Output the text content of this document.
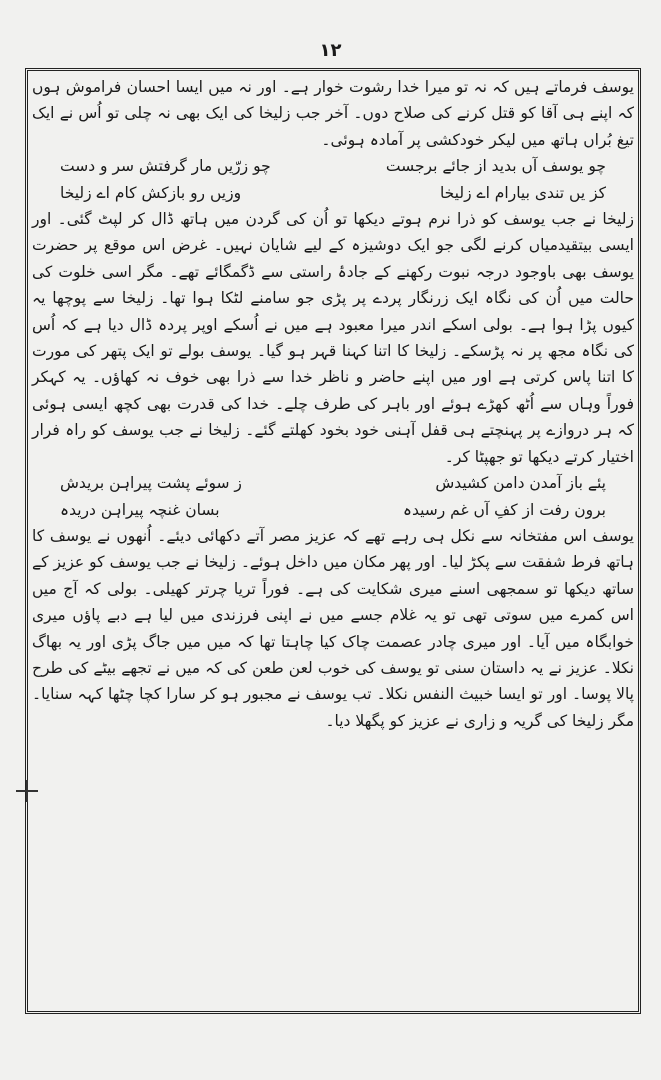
۱۲

یوسف فرماتے ہیں کہ نہ تو میرا خدا رشوت خوار ہے۔ اور نہ میں ایسا احسان فراموش ہوں کہ اپنے ہی آقا کو قتل کرنے کی صلاح دوں۔ آخر جب زلیخا کی ایک بھی نہ چلی تو اُس نے ایک تیغ بُراں ہاتھ میں لیکر خودکشی پر آمادہ ہوئی۔

چو یوسف آں بدید از جائے برجست
چو زرّیں مار گرفتش سر و دست
کز یں تندی بیارام اے زلیخا
وزیں رو بازکش کام اے زلیخا

زلیخا نے جب یوسف کو ذرا نرم ہوتے دیکھا تو اُن کی گردن میں ہاتھ ڈال کر لپٹ گئی۔ اور ایسی بیتقیدمیاں کرنے لگی جو ایک دوشیزہ کے لیے شایان نہیں۔ غرض اس موقع پر حضرت یوسف بھی باوجود درجہ نبوت رکھنے کے جادۂ راستی سے ڈگمگائے تھے۔ مگر اسی خلوت کی حالت میں اُن کی نگاہ ایک زرنگار پردے پر پڑی جو سامنے لٹکا ہوا تھا۔ زلیخا سے پوچھا یہ کیوں پڑا ہوا ہے۔ بولی اسکے اندر میرا معبود ہے میں نے اُسکے اوپر پردہ ڈال دیا ہے کہ اُس کی نگاہ مجھ پر نہ پڑسکے۔ زلیخا کا اتنا کہنا قہر ہو گیا۔ یوسف بولے تو ایک پتھر کی مورت کا اتنا پاس کرتی ہے اور میں اپنے حاضر و ناظر خدا سے ذرا بھی خوف نہ کھاؤں۔ یہ کہکر فوراً وہاں سے اُٹھ کھڑے ہوئے اور باہر کی طرف چلے۔ خدا کی قدرت بھی کچھ ایسی ہوئی کہ ہر دروازے پر پہنچتے ہی قفل آہنی خود بخود کھلتے گئے۔ زلیخا نے جب یوسف کو راہ فرار اختیار کرتے دیکھا تو جھپٹا کر۔

پئے باز آمدن دامن کشیدش
ز سوئے پشت پیراہن بریدش
برون رفت از کفِ آں غم رسیدہ
بسان غنچہ پیراہن دریدہ

یوسف اس مفتخانہ سے نکل ہی رہے تھے کہ عزیز مصر آتے دکھائی دیئے۔ اُنھوں نے یوسف کا ہاتھ فرط شفقت سے پکڑ لیا۔ اور پھر مکان میں داخل ہوئے۔ زلیخا نے جب یوسف کو عزیز کے ساتھ دیکھا تو سمجھی اسنے میری شکایت کی ہے۔ فوراً تریا چرتر کھیلی۔ بولی کہ آج میں اس کمرے میں سوتی تھی تو یہ غلام جسے میں نے اپنی فرزندی میں لیا ہے دبے پاؤں میری خوابگاہ میں آیا۔ اور میری چادر عصمت چاک کیا چاہتا تھا کہ میں میں جاگ پڑی اور یہ بھاگ نکلا۔ عزیز نے یہ داستان سنی تو یوسف کی خوب لعن طعن کی کہ میں نے تجھے بیٹے کی طرح پالا پوسا۔ اور تو ایسا خبیث النفس نکلا۔ تب یوسف نے مجبور ہو کر سارا کچا چٹھا کہہ سنایا۔ مگر زلیخا کی گریہ و زاری نے عزیز کو پگھلا دیا۔
